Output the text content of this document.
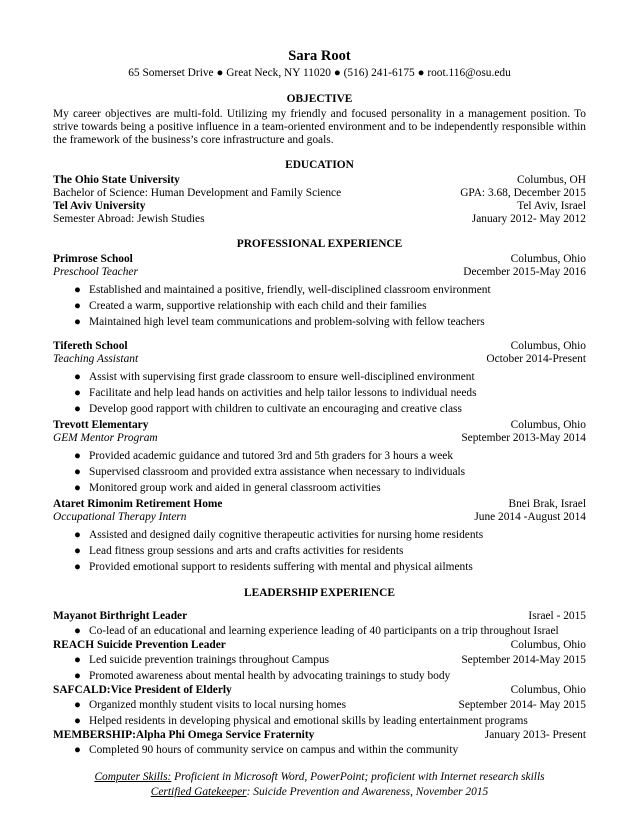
Sara Root
65 Somerset Drive ● Great Neck, NY 11020 ● (516) 241-6175 ● root.116@osu.edu
OBJECTIVE
My career objectives are multi-fold. Utilizing my friendly and focused personality in a management position. To strive towards being a positive influence in a team-oriented environment and to be independently responsible within the framework of the business’s core infrastructure and goals.
EDUCATION
The Ohio State University	Columbus, OH
Bachelor of Science: Human Development and Family Science	GPA: 3.68, December 2015
Tel Aviv University	Tel Aviv, Israel
Semester Abroad: Jewish Studies	January 2012- May 2012
PROFESSIONAL EXPERIENCE
Primrose School	Columbus, Ohio
Preschool Teacher	December 2015-May 2016
● Established and maintained a positive, friendly, well-disciplined classroom environment
● Created a warm, supportive relationship with each child and their families
● Maintained high level team communications and problem-solving with fellow teachers
Tifereth School	Columbus, Ohio
Teaching Assistant	October 2014-Present
● Assist with supervising first grade classroom to ensure well-disciplined environment
● Facilitate and help lead hands on activities and help tailor lessons to individual needs
● Develop good rapport with children to cultivate an encouraging and creative class
Trevott Elementary	Columbus, Ohio
GEM Mentor Program	September 2013-May 2014
● Provided academic guidance and tutored 3rd and 5th graders for 3 hours a week
● Supervised classroom and provided extra assistance when necessary to individuals
● Monitored group work and aided in general classroom activities
Ataret Rimonim Retirement Home	Bnei Brak, Israel
Occupational Therapy Intern	June 2014 -August 2014
● Assisted and designed daily cognitive therapeutic activities for nursing home residents
● Lead fitness group sessions and arts and crafts activities for residents
● Provided emotional support to residents suffering with mental and physical ailments
LEADERSHIP EXPERIENCE
Mayanot Birthright Leader	Israel - 2015
● Co-lead of an educational and learning experience leading of 40 participants on a trip throughout Israel
REACH Suicide Prevention Leader	Columbus, Ohio
● Led suicide prevention trainings throughout Campus	September 2014-May 2015
● Promoted awareness about mental health by advocating trainings to study body
SAFCALD:Vice President of Elderly	Columbus, Ohio
● Organized monthly student visits to local nursing homes	September 2014- May 2015
● Helped residents in developing physical and emotional skills by leading entertainment programs
MEMBERSHIP:Alpha Phi Omega Service Fraternity	January 2013- Present
● Completed 90 hours of community service on campus and within the community
Computer Skills: Proficient in Microsoft Word, PowerPoint; proficient with Internet research skills
Certified Gatekeeper: Suicide Prevention and Awareness, November 2015
